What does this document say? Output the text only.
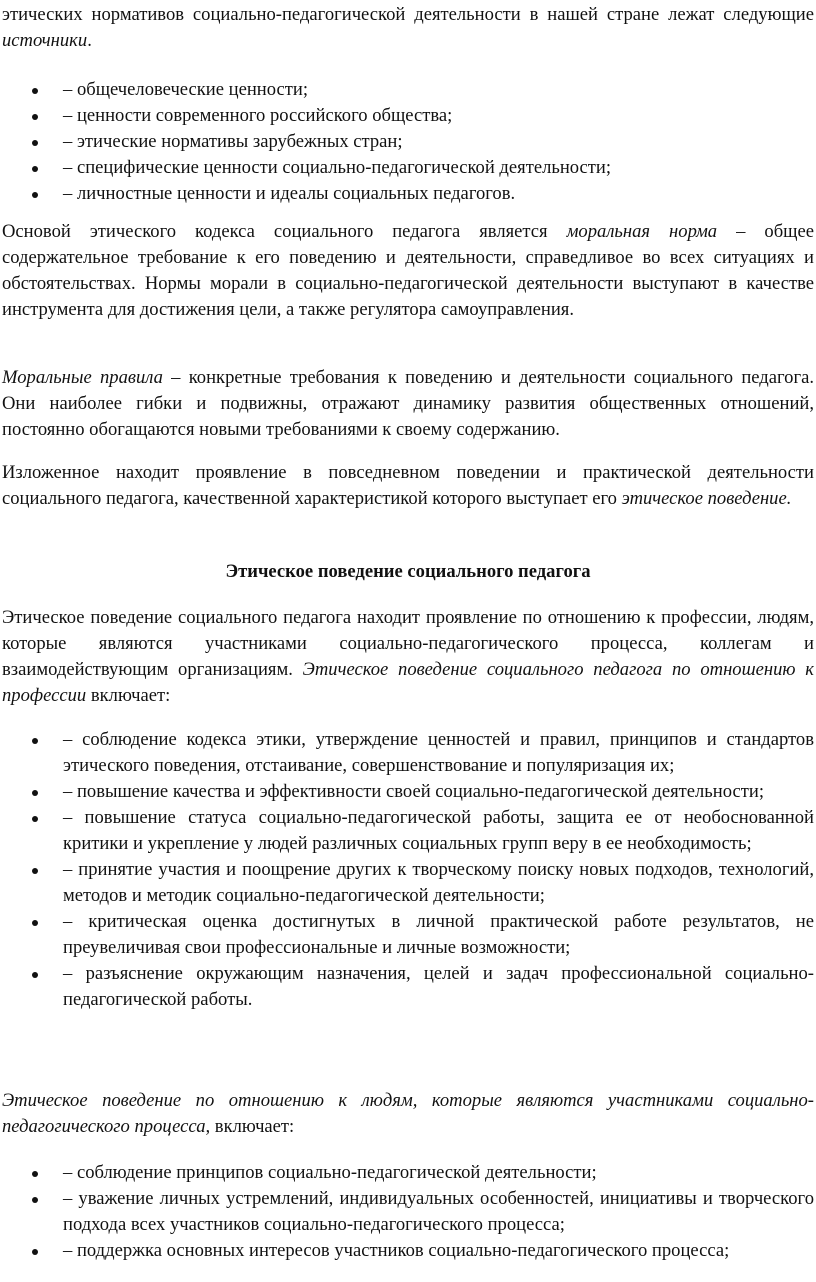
этических нормативов социально-педагогической деятельности в нашей стране лежат следующие источники.

– общечеловеческие ценности;
– ценности современного российского общества;
– этические нормативы зарубежных стран;
– специфические ценности социально-педагогической деятельности;
– личностные ценности и идеалы социальных педагогов.

Основой этического кодекса социального педагога является моральная норма – общее содержательное требование к его поведению и деятельности, справедливое во всех ситуациях и обстоятельствах. Нормы морали в социально-педагогической деятельности выступают в качестве инструмента для достижения цели, а также регулятора самоуправления.

Моральные правила – конкретные требования к поведению и деятельности социального педагога. Они наиболее гибки и подвижны, отражают динамику развития общественных отношений, постоянно обогащаются новыми требованиями к своему содержанию.

Изложенное находит проявление в повседневном поведении и практической деятельности социального педагога, качественной характеристикой которого выступает его этическое поведение.

Этическое поведение социального педагога

Этическое поведение социального педагога находит проявление по отношению к профессии, людям, которые являются участниками социально-педагогического процесса, коллегам и взаимодействующим организациям. Этическое поведение социального педагога по отношению к профессии включает:

– соблюдение кодекса этики, утверждение ценностей и правил, принципов и стандартов этического поведения, отстаивание, совершенствование и популяризация их;
– повышение качества и эффективности своей социально-педагогической деятельности;
– повышение статуса социально-педагогической работы, защита ее от необоснованной критики и укрепление у людей различных социальных групп веру в ее необходимость;
– принятие участия и поощрение других к творческому поиску новых подходов, технологий, методов и методик социально-педагогической деятельности;
– критическая оценка достигнутых в личной практической работе результатов, не преувеличивая свои профессиональные и личные возможности;
– разъяснение окружающим назначения, целей и задач профессиональной социально-педагогической работы.

Этическое поведение по отношению к людям, которые являются участниками социально-педагогического процесса, включает:

– соблюдение принципов социально-педагогической деятельности;
– уважение личных устремлений, индивидуальных особенностей, инициативы и творческого подхода всех участников социально-педагогического процесса;
– поддержка основных интересов участников социально-педагогического процесса;
